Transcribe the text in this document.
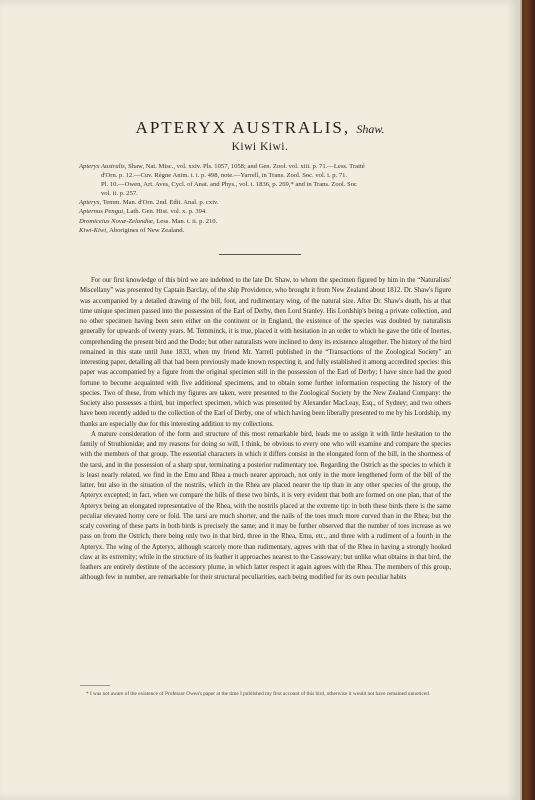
APTERYX AUSTRALIS, Shaw.
Kiwi Kiwi.

Apteryx Australis, Shaw, Nat. Misc., vol. xxiv. Pls. 1057, 1058; and Gen. Zool. vol. xiii. p. 71.—Less. Traité

d'Orn. p. 12.—Cuv. Règne Anim. t. i. p. 498, note.—Yarrell, in Trans. Zool. Soc. vol. i. p. 71.

Pl. 10.—Owen, Art. Aves, Cycl. of Anat. and Phys., vol. i. 1836, p. 269,* and in Trans. Zool. Soc

vol. ii. p. 257.

Apteryx, Temm. Man. d'Orn. 2nd. Edit. Anal. p. cxiv.

Apternus Pengui, Lath. Gen. Hist. vol. x. p. 394.

Dromiceius Novæ-Zelandiæ, Less. Man. t. ii. p. 210.

Kiwi-Kiwi, Aborigines of New Zealand.

For our first knowledge of this bird we are indebted to the late Dr. Shaw, to whom the specimen figured by him in the “Naturalists' Miscellany” was presented by Captain Barclay, of the ship Providence, who brought it from New Zealand about 1812. Dr. Shaw's figure was accompanied by a detailed drawing of the bill, foot, and rudimentary wing, of the natural size. After Dr. Shaw's death, his at that time unique specimen passed into the possession of the Earl of Derby, then Lord Stanley. His Lordship's being a private collection, and no other specimen having been seen either on the continent or in England, the existence of the species was doubted by naturalists generally for upwards of twenty years. M. Temminck, it is true, placed it with hesitation in an order to which he gave the title of Inertes, comprehending the present bird and the Dodo; but other naturalists were inclined to deny its existence altogether. The history of the bird remained in this state until June 1833, when my friend Mr. Yarrell published in the “Transactions of the Zoological Society” an interesting paper, detailing all that had been previously made known respecting it, and fully established it among accredited species: this paper was accompanied by a figure from the original specimen still in the possession of the Earl of Derby; I have since had the good fortune to become acquainted with five additional specimens, and to obtain some further information respecting the history of the species. Two of these, from which my figures are taken, were presented to the Zoological Society by the New Zealand Company: the Society also possesses a third, but imperfect specimen, which was presented by Alexander MacLeay, Esq., of Sydney; and two others have been recently added to the collection of the Earl of Derby, one of which having been liberally presented to me by his Lordship, my thanks are especially due for this interesting addition to my collections.

A mature consideration of the form and structure of this most remarkable bird, leads me to assign it with little hesitation to the family of Struthionidæ; and my reasons for doing so will, I think, be obvious to every one who will examine and compare the species with the members of that group. The essential characters in which it differs consist in the elongated form of the bill, in the shortness of the tarsi, and in the possession of a sharp spur, terminating a posterior rudimentary toe. Regarding the Ostrich as the species to which it is least nearly related, we find in the Emu and Rhea a much nearer approach, not only in the more lengthened form of the bill of the latter, but also in the situation of the nostrils, which in the Rhea are placed nearer the tip than in any other species of the group, the Apteryx excepted; in fact, when we compare the bills of these two birds, it is very evident that both are formed on one plan, that of the Apteryx being an elongated representative of the Rhea, with the nostrils placed at the extreme tip: in both these birds there is the same peculiar elevated horny cere or fold. The tarsi are much shorter, and the nails of the toes much more curved than in the Rhea; but the scaly covering of these parts in both birds is precisely the same; and it may be further observed that the number of toes increase as we pass on from the Ostrich, there being only two in that bird, three in the Rhea, Emu, etc., and three with a rudiment of a fourth in the Apteryx. The wing of the Apteryx, although scarcely more than rudimentary, agrees with that of the Rhea in having a strongly hooked claw at its extremity; while in the structure of its feather it approaches nearest to the Cassowary; but unlike what obtains in that bird, the feathers are entirely destitute of the accessory plume, in which latter respect it again agrees with the Rhea. The members of this group, although few in number, are remarkable for their structural peculiarities, each being modified for its own peculiar habits

* I was not aware of the existence of Professor Owen's paper at the time I published my first account of this bird, otherwise it would not have remained unnoticed.
